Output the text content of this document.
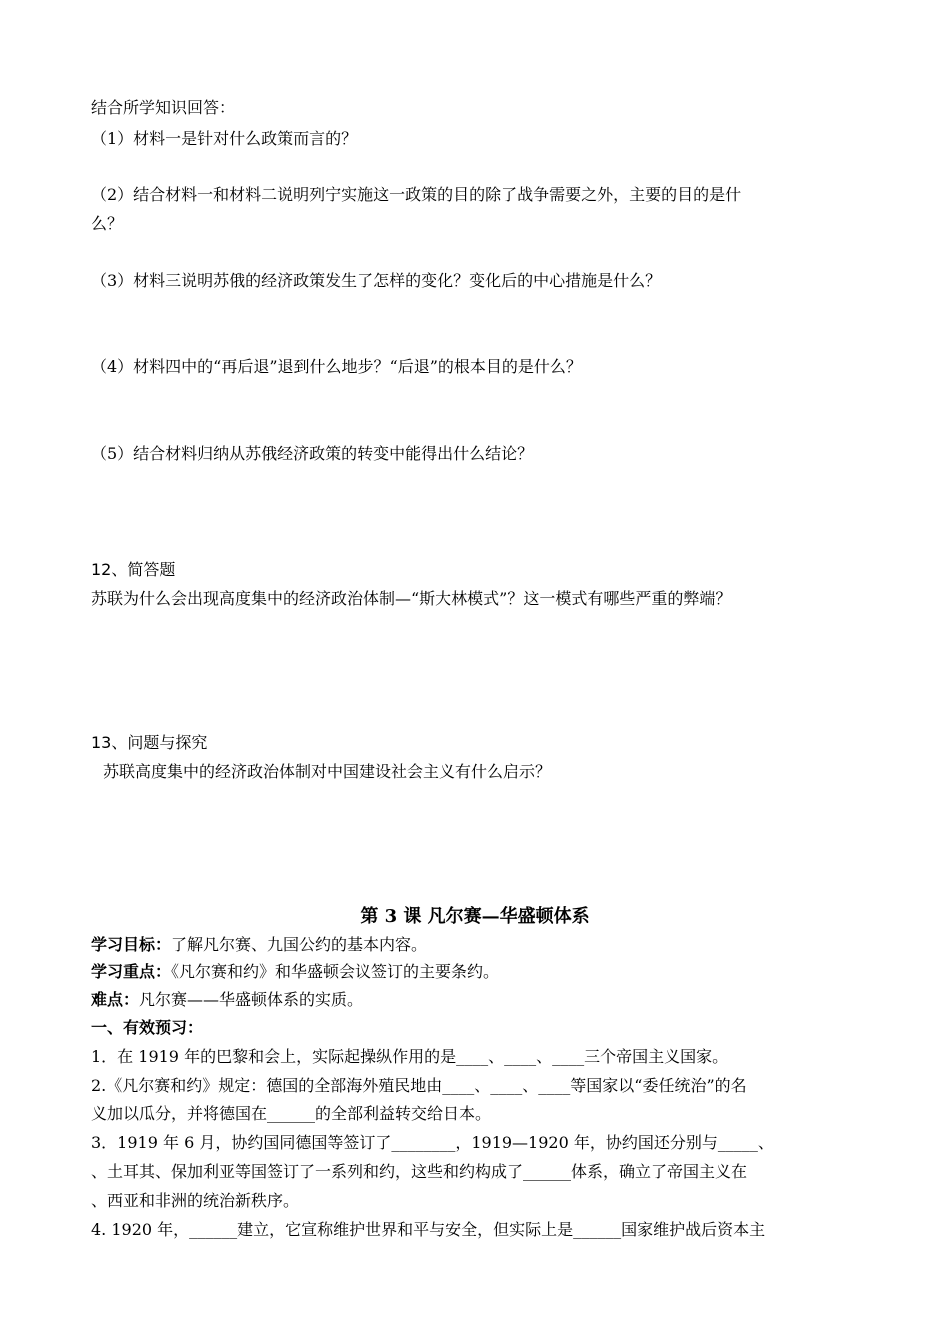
结合所学知识回答：
（1）材料一是针对什么政策而言的？
（2）结合材料一和材料二说明列宁实施这一政策的目的除了战争需要之外，主要的目的是什
么？
（3）材料三说明苏俄的经济政策发生了怎样的变化？变化后的中心措施是什么？
（4）材料四中的“再后退”退到什么地步？“后退”的根本目的是什么？
（5）结合材料归纳从苏俄经济政策的转变中能得出什么结论？
12、简答题
苏联为什么会出现高度集中的经济政治体制—“斯大林模式”？这一模式有哪些严重的弊端？
13、问题与探究
苏联高度集中的经济政治体制对中国建设社会主义有什么启示？
第 3 课 凡尔赛—华盛顿体系
学习目标：了解凡尔赛、九国公约的基本内容。
学习重点：《凡尔赛和约》和华盛顿会议签订的主要条约。
难点：凡尔赛——华盛顿体系的实质。
一、有效预习：
1．在 1919 年的巴黎和会上，实际起操纵作用的是____、____、____三个帝国主义国家。
2.《凡尔赛和约》规定：德国的全部海外殖民地由____、____、____等国家以“委任统治”的名
义加以瓜分，并将德国在______的全部利益转交给日本。
3．1919 年 6 月，协约国同德国等签订了________，1919—1920 年，协约国还分别与_____、
、土耳其、保加利亚等国签订了一系列和约，这些和约构成了______体系，确立了帝国主义在
、西亚和非洲的统治新秩序。
4. 1920 年，______建立，它宣称维护世界和平与安全，但实际上是______国家维护战后资本主
